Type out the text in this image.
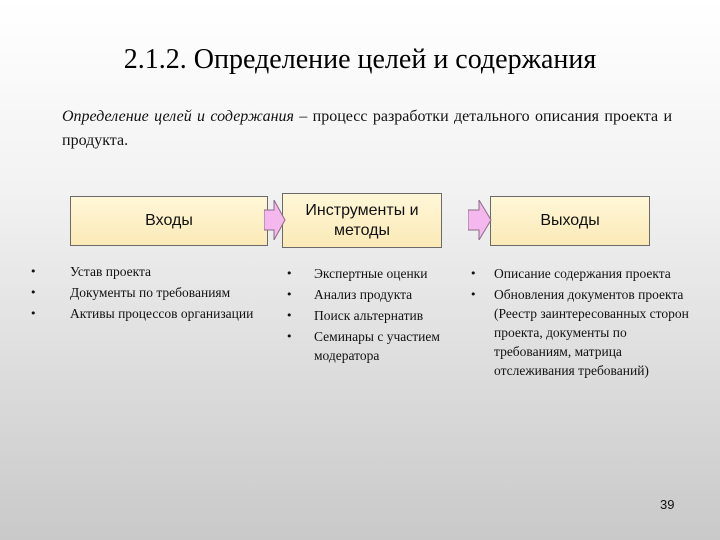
2.1.2. Определение целей и содержания
Определение целей и содержания – процесс разработки детального описания проекта и продукта.
Входы
Инструменты и методы
Выходы
• Устав проекта
• Документы по требованиям
• Активы процессов организации
• Экспертные оценки
• Анализ продукта
• Поиск альтернатив
• Семинары с участием модератора
• Описание содержания проекта
• Обновления документов проекта (Реестр заинтересованных сторон проекта, документы по требованиям, матрица отслеживания требований)
39
